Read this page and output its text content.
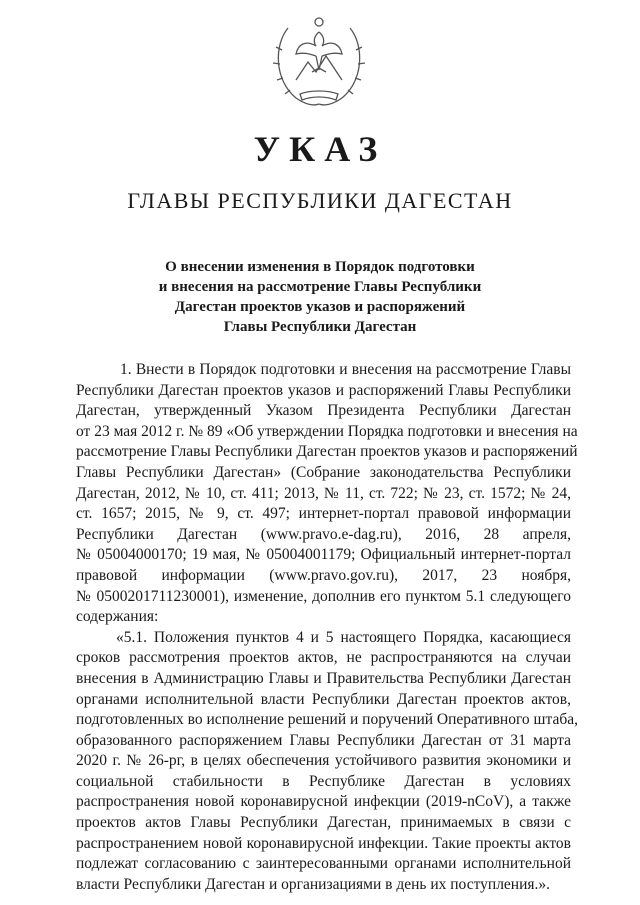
УКАЗ
ГЛАВЫ РЕСПУБЛИКИ ДАГЕСТАН
О внесении изменения в Порядок подготовки
и внесения на рассмотрение Главы Республики
Дагестан проектов указов и распоряжений
Главы Республики Дагестан
1. Внести в Порядок подготовки и внесения на рассмотрение Главы
Республики Дагестан проектов указов и распоряжений Главы Республики
Дагестан, утвержденный Указом Президента Республики Дагестан
от 23 мая 2012 г. № 89 «Об утверждении Порядка подготовки и внесения на
рассмотрение Главы Республики Дагестан проектов указов и распоряжений
Главы Республики Дагестан» (Собрание законодательства Республики
Дагестан, 2012, № 10, ст. 411; 2013, № 11, ст. 722; № 23, ст. 1572; № 24,
ст. 1657; 2015, № 9, ст. 497; интернет-портал правовой информации
Республики Дагестан (www.pravo.e-dag.ru), 2016, 28 апреля,
№ 05004000170; 19 мая, № 05004001179; Официальный интернет-портал
правовой информации (www.pravo.gov.ru), 2017, 23 ноября,
№ 0500201711230001), изменение, дополнив его пунктом 5.1 следующего
содержания:
«5.1. Положения пунктов 4 и 5 настоящего Порядка, касающиеся
сроков рассмотрения проектов актов, не распространяются на случаи
внесения в Администрацию Главы и Правительства Республики Дагестан
органами исполнительной власти Республики Дагестан проектов актов,
подготовленных во исполнение решений и поручений Оперативного штаба,
образованного распоряжением Главы Республики Дагестан от 31 марта
2020 г. № 26-рг, в целях обеспечения устойчивого развития экономики и
социальной стабильности в Республике Дагестан в условиях
распространения новой коронавирусной инфекции (2019-nCoV), а также
проектов актов Главы Республики Дагестан, принимаемых в связи с
распространением новой коронавирусной инфекции. Такие проекты актов
подлежат согласованию с заинтересованными органами исполнительной
власти Республики Дагестан и организациями в день их поступления.».
